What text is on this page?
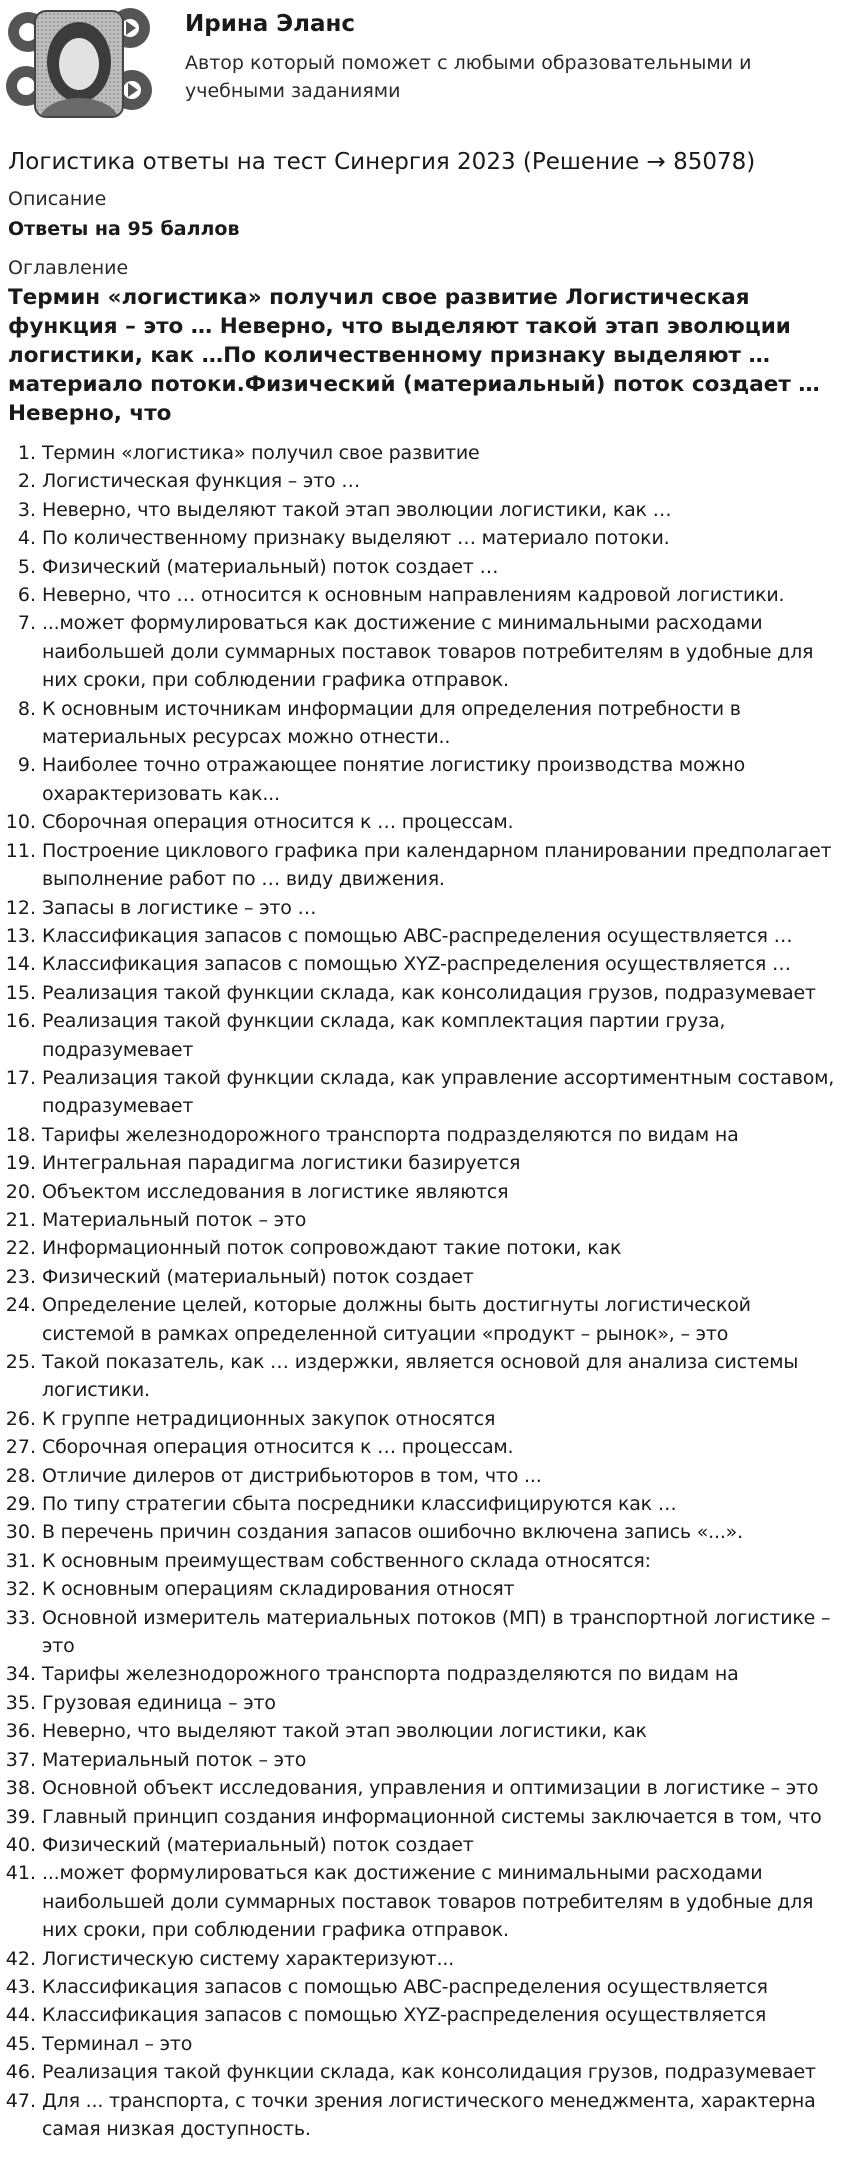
Ирина Эланс

Автор который поможет с любыми образовательными и учебными заданиями

Логистика ответы на тест Синергия 2023 (Решение → 85078)
Описание
Ответы на 95 баллов
Оглавление
Термин «логистика» получил свое развитие Логистическая функция – это … Неверно, что выделяют такой этап эволюции логистики, как …По количественному признаку выделяют … материало потоки.Физический (материальный) поток создает …Неверно, что
1. Термин «логистика» получил свое развитие
2. Логистическая функция – это …
3. Неверно, что выделяют такой этап эволюции логистики, как …
4. По количественному признаку выделяют … материало потоки.
5. Физический (материальный) поток создает …
6. Неверно, что … относится к основным направлениям кадровой логистики.
7. ...может формулироваться как достижение с минимальными расходами наибольшей доли суммарных поставок товаров потребителям в удобные для них сроки, при соблюдении графика отправок.
8. К основным источникам информации для определения потребности в материальных ресурсах можно отнести..
9. Наиболее точно отражающее понятие логистику производства можно охарактеризовать как...
10. Сборочная операция относится к … процессам.
11. Построение циклового графика при календарном планировании предполагает выполнение работ по … виду движения.
12. Запасы в логистике – это …
13. Классификация запасов с помощью ABC-распределения осуществляется …
14. Классификация запасов с помощью XYZ-распределения осуществляется …
15. Реализация такой функции склада, как консолидация грузов, подразумевает
16. Реализация такой функции склада, как комплектация партии груза, подразумевает
17. Реализация такой функции склада, как управление ассортиментным составом, подразумевает
18. Тарифы железнодорожного транспорта подразделяются по видам на
19. Интегральная парадигма логистики базируется
20. Объектом исследования в логистике являются
21. Материальный поток – это
22. Информационный поток сопровождают такие потоки, как
23. Физический (материальный) поток создает
24. Определение целей, которые должны быть достигнуты логистической системой в рамках определенной ситуации «продукт – рынок», – это
25. Такой показатель, как … издержки, является основой для анализа системы логистики.
26. К группе нетрадиционных закупок относятся
27. Сборочная операция относится к … процессам.
28. Отличие дилеров от дистрибьюторов в том, что ...
29. По типу стратегии сбыта посредники классифицируются как …
30. В перечень причин создания запасов ошибочно включена запись «...».
31. К основным преимуществам собственного склада относятся:
32. К основным операциям складирования относят
33. Основной измеритель материальных потоков (МП) в транспортной логистике – это
34. Тарифы железнодорожного транспорта подразделяются по видам на
35. Грузовая единица – это
36. Неверно, что выделяют такой этап эволюции логистики, как
37. Материальный поток – это
38. Основной объект исследования, управления и оптимизации в логистике – это
39. Главный принцип создания информационной системы заключается в том, что
40. Физический (материальный) поток создает
41. ...может формулироваться как достижение с минимальными расходами наибольшей доли суммарных поставок товаров потребителям в удобные для них сроки, при соблюдении графика отправок.
42. Логистическую систему характеризуют...
43. Классификация запасов с помощью ABC-распределения осуществляется
44. Классификация запасов с помощью XYZ-распределения осуществляется
45. Терминал – это
46. Реализация такой функции склада, как консолидация грузов, подразумевает
47. Для ... транспорта, с точки зрения логистического менеджмента, характерна самая низкая доступность.
